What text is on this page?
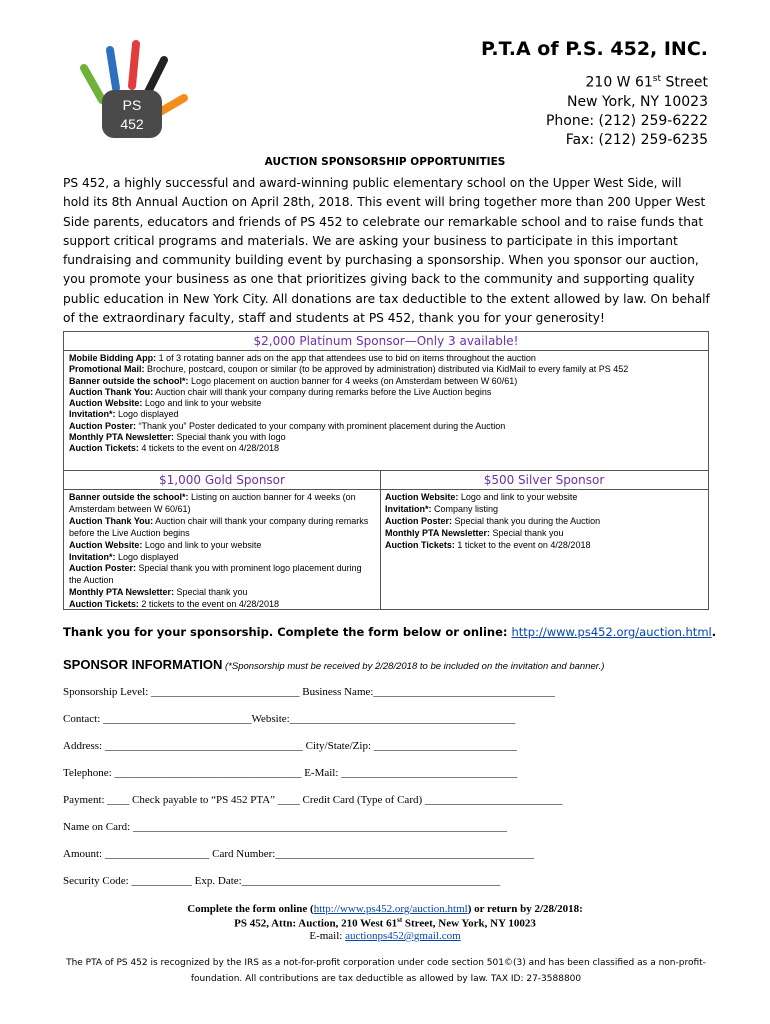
PS
452
P.T.A of P.S. 452, INC.
210 W 61st Street
New York, NY 10023
Phone: (212) 259-6222
Fax: (212) 259-6235
AUCTION SPONSORSHIP OPPORTUNITIES
PS 452, a highly successful and award-winning public elementary school on the Upper West Side, will hold its 8th Annual Auction on April 28th, 2018. This event will bring together more than 200 Upper West Side parents, educators and friends of PS 452 to celebrate our remarkable school and to raise funds that support critical programs and materials. We are asking your business to participate in this important fundraising and community building event by purchasing a sponsorship. When you sponsor our auction, you promote your business as one that prioritizes giving back to the community and supporting quality public education in New York City. All donations are tax deductible to the extent allowed by law. On behalf of the extraordinary faculty, staff and students at PS 452, thank you for your generosity!
$2,000 Platinum Sponsor—Only 3 available!
Mobile Bidding App: 1 of 3 rotating banner ads on the app that attendees use to bid on items throughout the auction
Promotional Mail: Brochure, postcard, coupon or similar (to be approved by administration) distributed via KidMail to every family at PS 452
Banner outside the school*: Logo placement on auction banner for 4 weeks (on Amsterdam between W 60/61)
Auction Thank You: Auction chair will thank your company during remarks before the Live Auction begins
Auction Website: Logo and link to your website
Invitation*: Logo displayed
Auction Poster: “Thank you” Poster dedicated to your company with prominent placement during the Auction
Monthly PTA Newsletter: Special thank you with logo
Auction Tickets: 4 tickets to the event on 4/28/2018
$1,000 Gold Sponsor
Banner outside the school*: Listing on auction banner for 4 weeks (on Amsterdam between W 60/61)
Auction Thank You: Auction chair will thank your company during remarks before the Live Auction begins
Auction Website: Logo and link to your website
Invitation*: Logo displayed
Auction Poster: Special thank you with prominent logo placement during the Auction
Monthly PTA Newsletter: Special thank you
Auction Tickets: 2 tickets to the event on 4/28/2018
$500 Silver Sponsor
Auction Website: Logo and link to your website
Invitation*: Company listing
Auction Poster: Special thank you during the Auction
Monthly PTA Newsletter: Special thank you
Auction Tickets: 1 ticket to the event on 4/28/2018
Thank you for your sponsorship. Complete the form below or online: http://www.ps452.org/auction.html.
SPONSOR INFORMATION (*Sponsorship must be received by 2/28/2018 to be included on the invitation and banner.)
Sponsorship Level: ___________________________ Business Name:_________________________________
Contact: ___________________________Website:_________________________________________
Address: ____________________________________ City/State/Zip: __________________________
Telephone: __________________________________ E-Mail: ________________________________
Payment: ____ Check payable to “PS 452 PTA” ____ Credit Card (Type of Card) _________________________
Name on Card: ____________________________________________________________________
Amount: ___________________ Card Number:_______________________________________________
Security Code: ___________ Exp. Date:_______________________________________________
Complete the form online (http://www.ps452.org/auction.html) or return by 2/28/2018:
PS 452, Attn: Auction, 210 West 61st Street, New York, NY 10023
E-mail: auctionps452@gmail.com
The PTA of PS 452 is recognized by the IRS as a not-for-profit corporation under code section 501©(3) and has been classified as a non-profit-foundation. All contributions are tax deductible as allowed by law. TAX ID: 27-3588800
